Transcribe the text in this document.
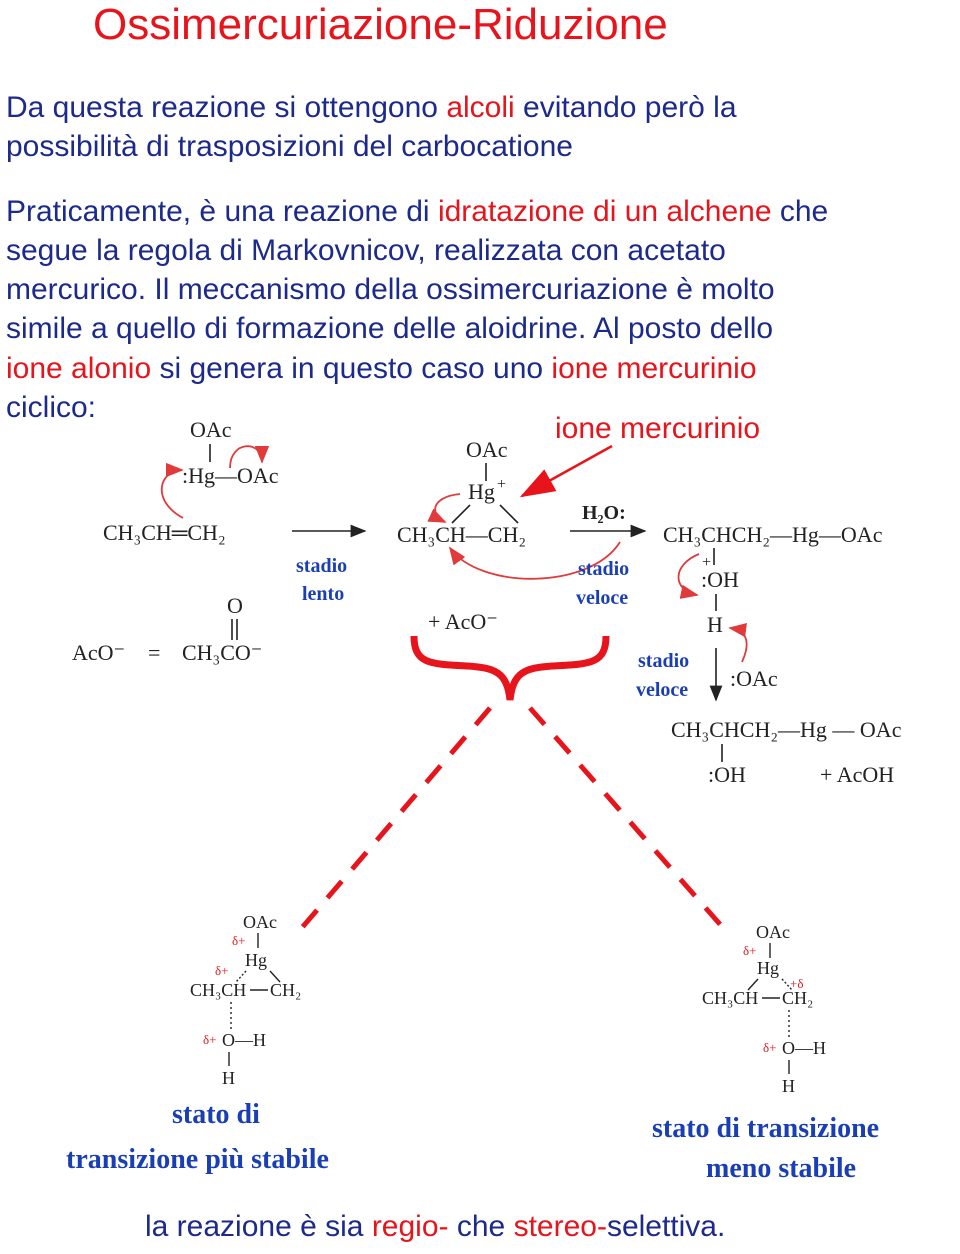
Ossimercuriazione-Riduzione
Da questa reazione si ottengono alcoli evitando però la
possibilità di trasposizioni del carbocatione
Praticamente, è una reazione di idratazione di un alchene che
segue la regola di Markovnicov, realizzata con acetato
mercurico. Il meccanismo della ossimercuriazione è molto
simile a quello di formazione delle aloidrine. Al posto dello
ione alonio si genera in questo caso uno ione mercurinio
ciclico:
ione mercurinio
OAc
:Hg—OAc
CH₃CH═CH₂
stadio
lento
OAc
Hg +
CH₃CH—CH₂
H₂O:
stadio
veloce
CH₃CHCH₂—Hg—OAc
+
:OH
H
+ AcO⁻
stadio
veloce :OAc
CH₃CHCH₂—Hg — OAc
:OH	+ AcOH
AcO⁻ =
O
CH₃CO⁻
OAc
δ+
Hg
δ+
CH₃CH CH₂
δ+ O—H
H
stato di
transizione più stabile
OAc
δ+
Hg
+δ
CH₃CH CH₂
δ+ O—H
H
stato di transizione
meno stabile
la reazione è sia regio- che stereo-selettiva.
